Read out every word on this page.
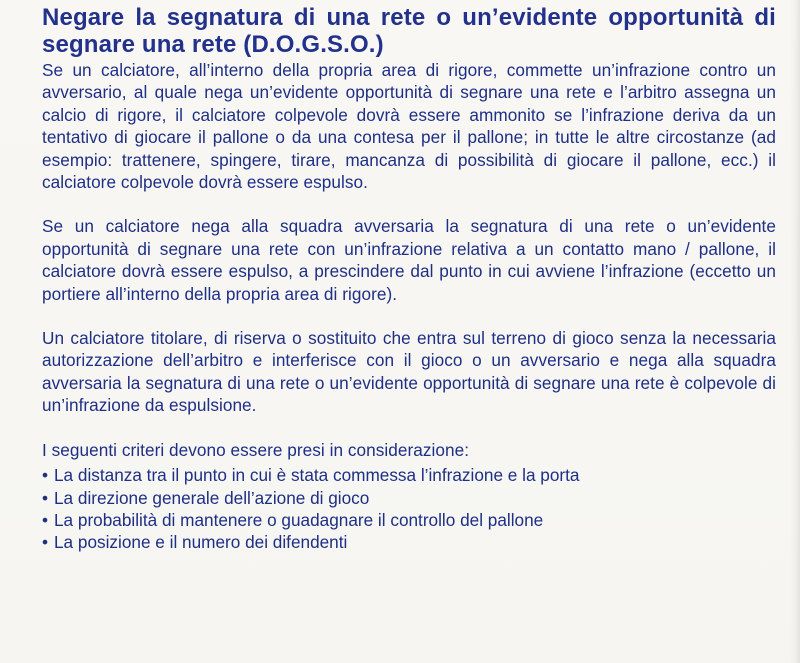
Negare la segnatura di una rete o un’evidente opportunità di segnare una rete (D.O.G.S.O.)

Se un calciatore, all’interno della propria area di rigore, commette un’infrazione contro un avversario, al quale nega un’evidente opportunità di segnare una rete e l’arbitro assegna un calcio di rigore, il calciatore colpevole dovrà essere ammonito se l’infrazione deriva da un tentativo di giocare il pallone o da una contesa per il pallone; in tutte le altre circostanze (ad esempio: trattenere, spingere, tirare, mancanza di possibilità di giocare il pallone, ecc.) il calciatore colpevole dovrà essere espulso.

Se un calciatore nega alla squadra avversaria la segnatura di una rete o un’evidente opportunità di segnare una rete con un’infrazione relativa a un contatto mano / pallone, il calciatore dovrà essere espulso, a prescindere dal punto in cui avviene l’infrazione (eccetto un portiere all’interno della propria area di rigore).

Un calciatore titolare, di riserva o sostituito che entra sul terreno di gioco senza la necessaria autorizzazione dell’arbitro e interferisce con il gioco o un avversario e nega alla squadra avversaria la segnatura di una rete o un’evidente opportunità di segnare una rete è colpevole di un’infrazione da espulsione.

I seguenti criteri devono essere presi in considerazione:

• La distanza tra il punto in cui è stata commessa l’infrazione e la porta
• La direzione generale dell’azione di gioco
• La probabilità di mantenere o guadagnare il controllo del pallone
• La posizione e il numero dei difendenti
